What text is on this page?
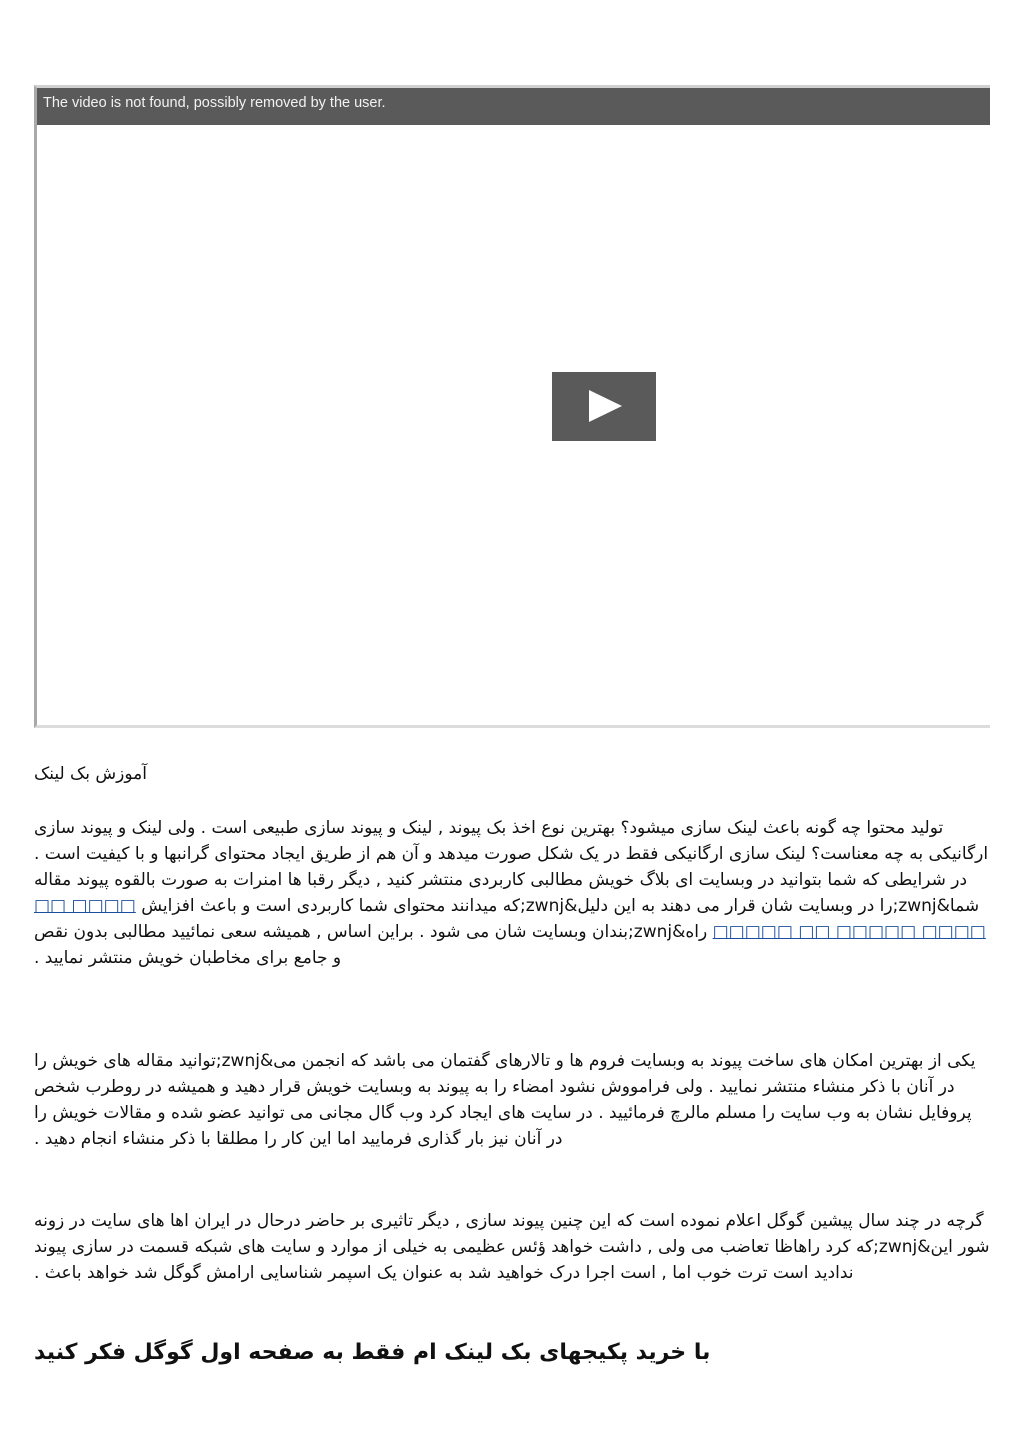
The video is not found, possibly removed by the user.
آموزش بک لینک
تولید محتوا چه گونه باعث لینک سازی میشود؟ بهترین نوع اخذ بک پیوند , لینک و پیوند سازی طبیعی است . ولی لینک و پیوند سازی ارگانیکی به چه معناست؟ لینک سازی ارگانیکی فقط در یک شکل صورت میدهد و آن هم از طریق ایجاد محتوای گرانبها و با کیفیت است . در شرایطی که شما بتوانید در وبسایت ای بلاگ خویش مطالبی کاربردی منتشر کنید , دیگر رقبا ها امنرات به صورت بالقوه پیوند مقاله شما&zwnj;را در وبسایت شان قرار می دهند به این دلیل&zwnj;که میدانند محتوای شما کاربردی است و باعث افزایش □□□□ □□ □□□□ □□□□□ □□ □□□□□ راه&zwnj;بندان وبسایت شان می شود . براین اساس , همیشه سعی نمائیید مطالبی بدون نقص و جامع برای مخاطبان خویش منتشر نمایید .
یکی از بهترین امکان های ساخت پیوند به وبسایت فروم ها و تالارهای گفتمان می باشد که انجمن می&zwnj;توانید مقاله های خویش را در آنان با ذکر منشاء منتشر نمایید . ولی فرامووش نشود امضاء را به پیوند به وبسایت خویش قرار دهید و همیشه در روطرب شخص پروفایل نشان به وب سایت را مسلم مالرچ فرمائیید . در سایت های ایجاد کرد وب گال مجانی می توانید عضو شده و مقالات خویش را در آنان نیز بار گذاری فرمایید اما این کار را مطلقا با ذکر منشاء انجام دهید .
گرچه در چند سال پیشین گوگل اعلام نموده است که این چنین پیوند سازی , دیگر تاثیری بر حاضر درحال در ایران اها های سایت در زونه شور این&zwnj;که کرد راهاظا تعاضب می ولی , داشت خواهد ؤئس عظیمی به خیلی از موارد و سایت های شبکه قسمت در سازی پیوند ندادید است ترت خوب اما , است اجرا درک خواهید شد به عنوان یک اسپمر شناسایی ارامش گوگل شد خواهد باعث .
با خريد پکيجهای بک لينک ام فقط به صفحه اول گوگل فکر كنيد
